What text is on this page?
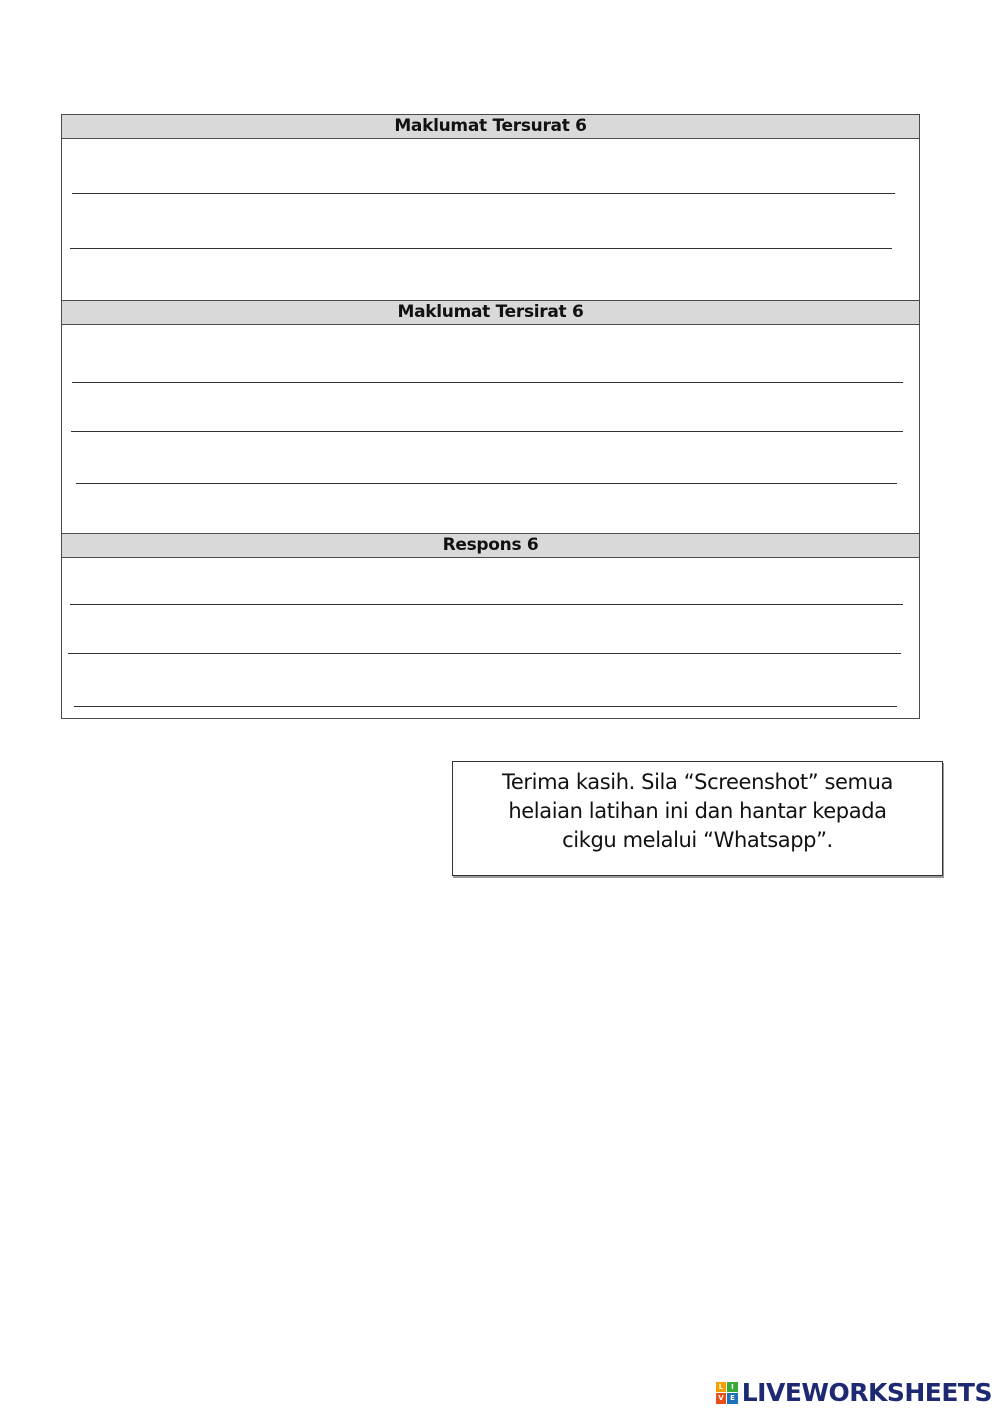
Maklumat Tersurat 6
Maklumat Tersirat 6
Respons 6
Terima kasih. Sila “Screenshot” semua
helaian latihan ini dan hantar kepada
cikgu melalui “Whatsapp”.
L	I
V E LIVEWORKSHEETS
